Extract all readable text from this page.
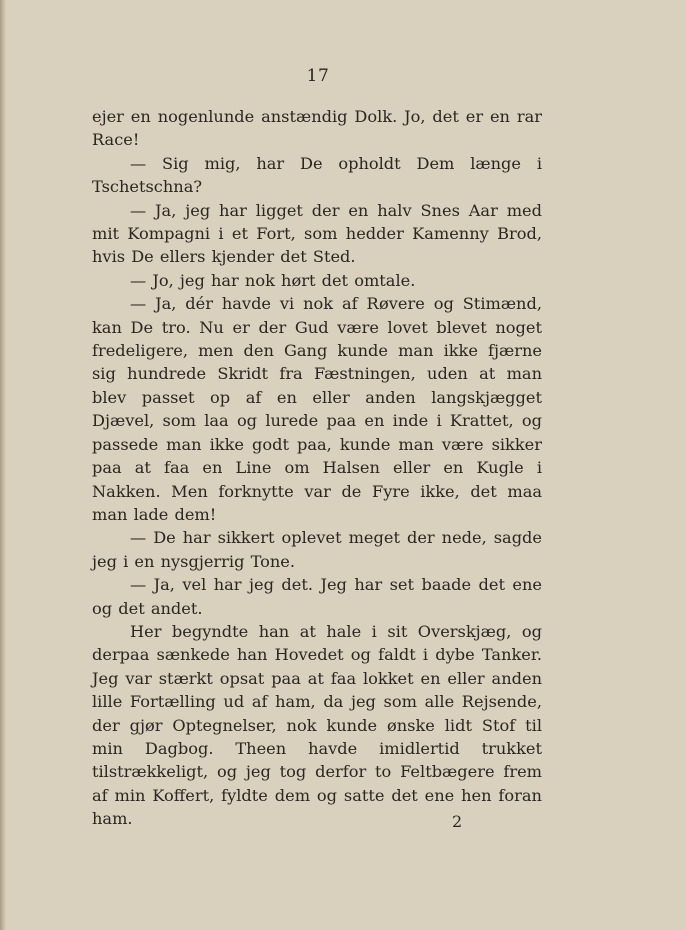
17

ejer en nogenlunde anstændig Dolk. Jo, det er en rar Race!

— Sig mig, har De opholdt Dem længe i Tschetschna?

— Ja, jeg har ligget der en halv Snes Aar med mit Kompagni i et Fort, som hedder Kamenny Brod, hvis De ellers kjender det Sted.

— Jo, jeg har nok hørt det omtale.

— Ja, dér havde vi nok af Røvere og Stimænd, kan De tro. Nu er der Gud være lovet blevet noget fredeligere, men den Gang kunde man ikke fjærne sig hundrede Skridt fra Fæstningen, uden at man blev passet op af en eller anden langskjægget Djævel, som laa og lurede paa en inde i Krattet, og passede man ikke godt paa, kunde man være sikker paa at faa en Line om Halsen eller en Kugle i Nakken. Men forknytte var de Fyre ikke, det maa man lade dem!

— De har sikkert oplevet meget der nede, sagde jeg i en nysgjerrig Tone.

— Ja, vel har jeg det. Jeg har set baade det ene og det andet.

Her begyndte han at hale i sit Overskjæg, og derpaa sænkede han Hovedet og faldt i dybe Tanker. Jeg var stærkt opsat paa at faa lokket en eller anden lille Fortælling ud af ham, da jeg som alle Rejsende, der gjør Optegnelser, nok kunde ønske lidt Stof til min Dagbog. Theen havde imidlertid trukket tilstrækkeligt, og jeg tog derfor to Feltbægere frem af min Koffert, fyldte dem og satte det ene hen foran ham.	2
